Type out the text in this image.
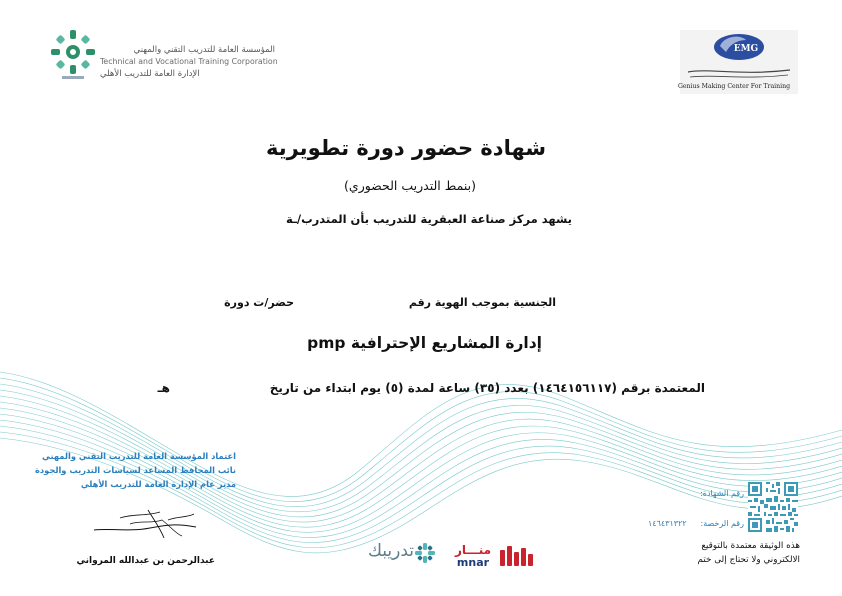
المؤسسة العامة للتدريب التقني والمهني
Technical and Vocational Training Corporation
الإدارة العامة للتدريب الأهلي
EMG
Genius Making Center For Training
شهادة حضور دورة تطويرية
(بنمط التدريب الحضوري)
يشهد مركز صناعة العبقرية للتدريب بأن المتدرب/ـة
الجنسية بموجب الهوية رقم
حضر/ت دورة
إدارة المشاريع الإحترافية pmp
المعتمدة برقم (١٤٦٤١٥٦١١٧) بعدد (٣٥) ساعة لمدة (٥) يوم ابتداء من تاريخ
هـ
اعتماد المؤسسة العامة للتدريب التقني والمهني
نائب المحافظ المساعد لسياسات التدريب والجودة
مدير عام الإدارة العامة للتدريب الأهلي
عبدالرحمن بن عبدالله المرواني	تدريبك	منـــار
mnar
رقم الشهادة:
رقم الرخصة:
١٤٦٤٣١٣٢٢
هذه الوثيقة معتمدة بالتوقيع
الالكتروني ولا تحتاج إلى ختم
